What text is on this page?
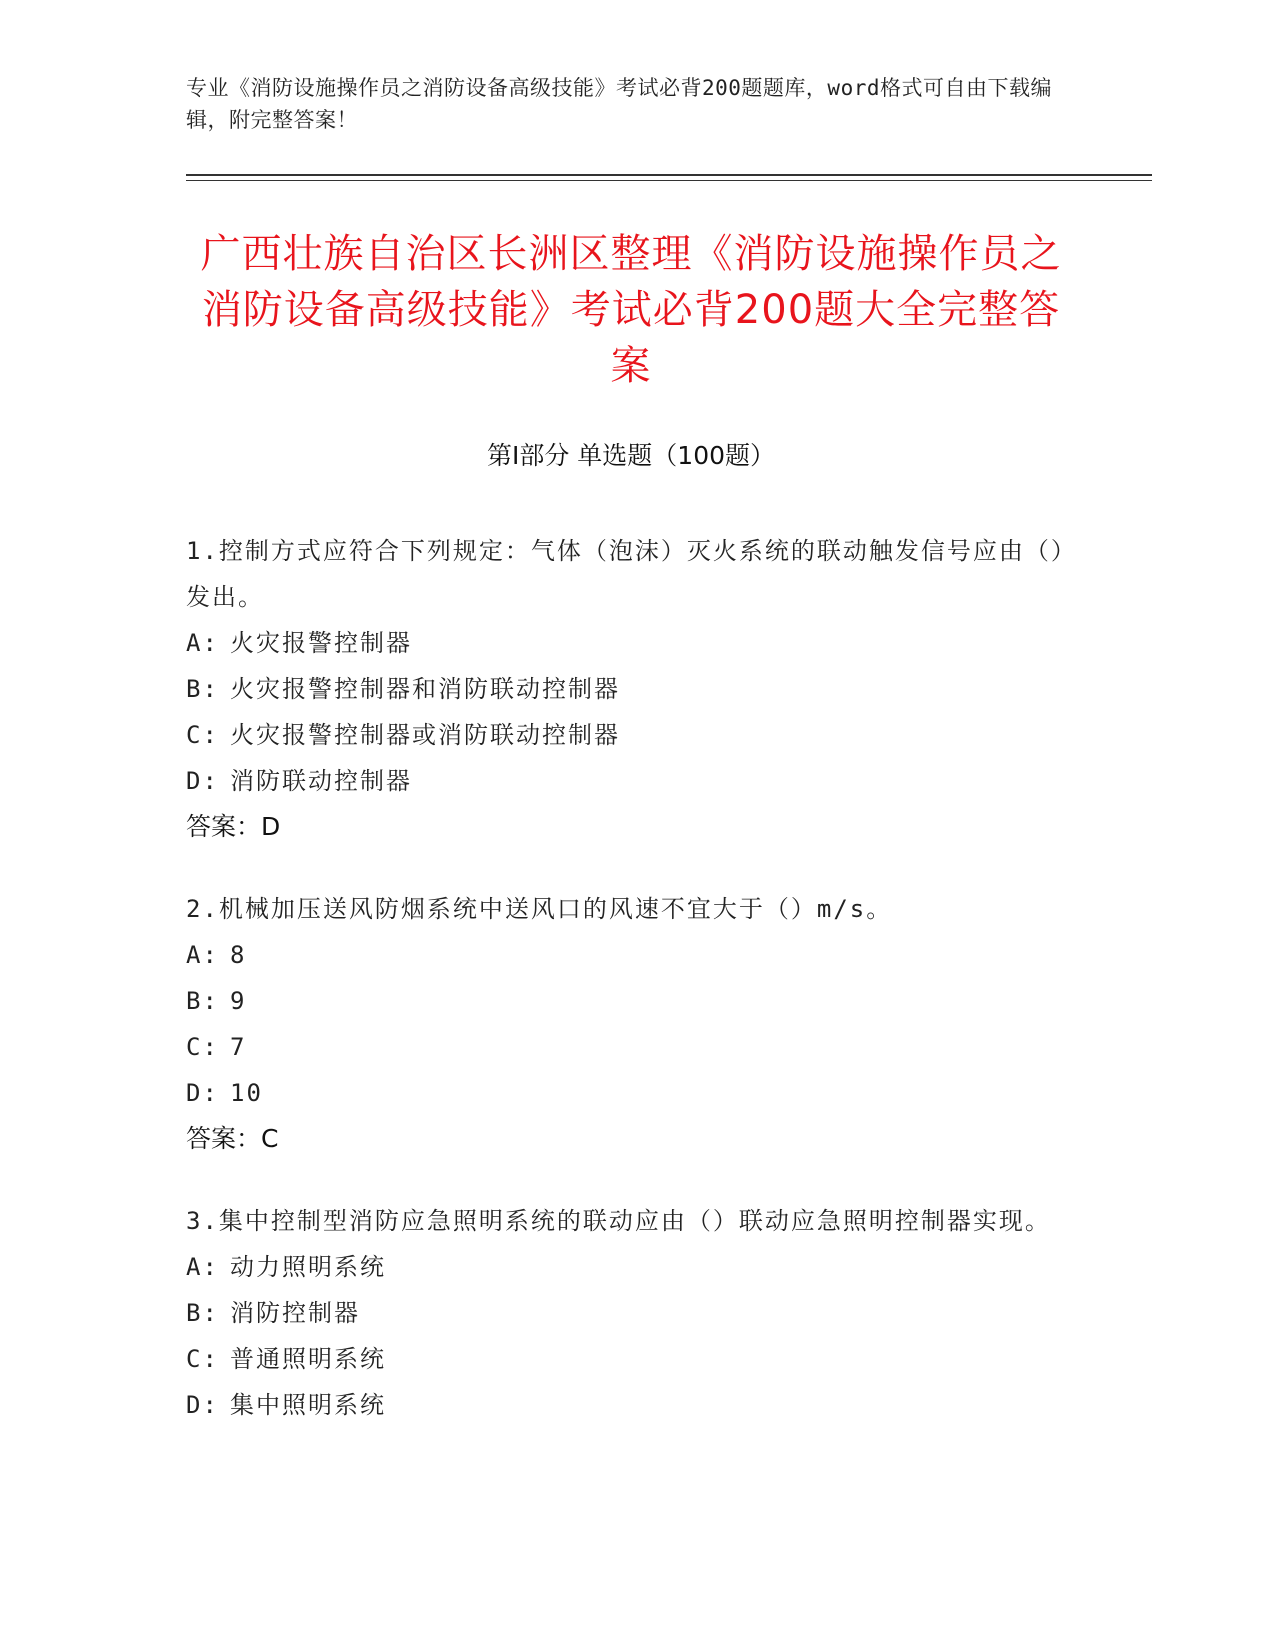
专业《消防设施操作员之消防设备高级技能》考试必背200题题库，word格式可自由下载编辑，附完整答案！
广西壮族自治区长洲区整理《消防设施操作员之消防设备高级技能》考试必背200题大全完整答案
第Ⅰ部分 单选题（100题）

1.控制方式应符合下列规定：气体（泡沫）灭火系统的联动触发信号应由（）发出。

A: 火灾报警控制器
B: 火灾报警控制器和消防联动控制器
C: 火灾报警控制器或消防联动控制器
D: 消防联动控制器
答案：D

2.机械加压送风防烟系统中送风口的风速不宜大于（）m/s。

A: 8
B: 9
C: 7
D: 10
答案：C

3.集中控制型消防应急照明系统的联动应由（）联动应急照明控制器实现。

A: 动力照明系统
B: 消防控制器
C: 普通照明系统
D: 集中照明系统
